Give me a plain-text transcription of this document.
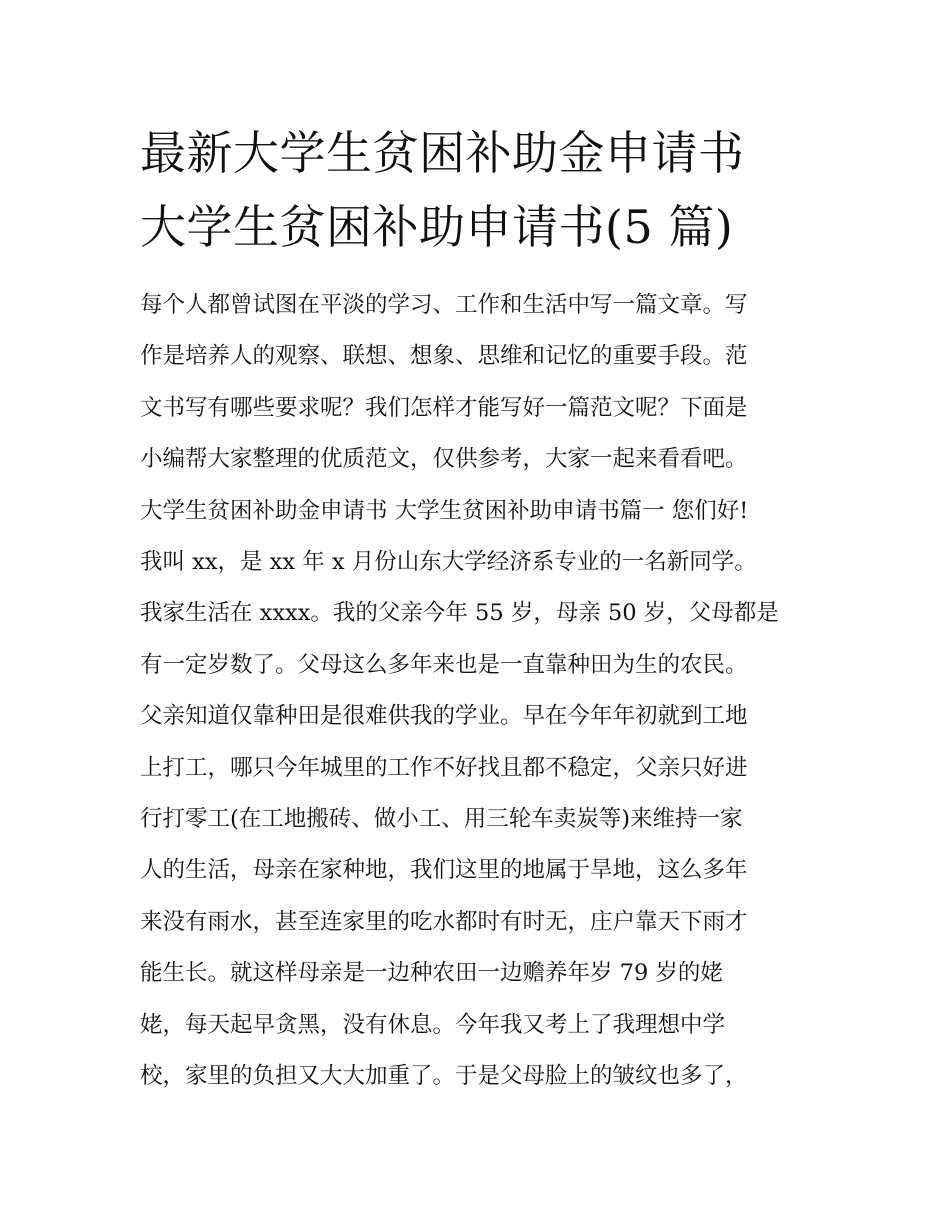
最新大学生贫困补助金申请书
大学生贫困补助申请书(5 篇)
每个人都曾试图在平淡的学习、工作和生活中写一篇文章。写
作是培养人的观察、联想、想象、思维和记忆的重要手段。范
文书写有哪些要求呢？我们怎样才能写好一篇范文呢？下面是
小编帮大家整理的优质范文，仅供参考，大家一起来看看吧。
大学生贫困补助金申请书 大学生贫困补助申请书篇一 您们好!
我叫 xx，是 xx 年 x 月份山东大学经济系专业的一名新同学。
我家生活在 xxxx。我的父亲今年 55 岁，母亲 50 岁，父母都是
有一定岁数了。父母这么多年来也是一直靠种田为生的农民。
父亲知道仅靠种田是很难供我的学业。早在今年年初就到工地
上打工，哪只今年城里的工作不好找且都不稳定，父亲只好进
行打零工(在工地搬砖、做小工、用三轮车卖炭等)来维持一家
人的生活，母亲在家种地，我们这里的地属于旱地，这么多年
来没有雨水，甚至连家里的吃水都时有时无，庄户靠天下雨才
能生长。就这样母亲是一边种农田一边赡养年岁 79 岁的姥
姥，每天起早贪黑，没有休息。今年我又考上了我理想中学
校，家里的负担又大大加重了。于是父母脸上的皱纹也多了，
